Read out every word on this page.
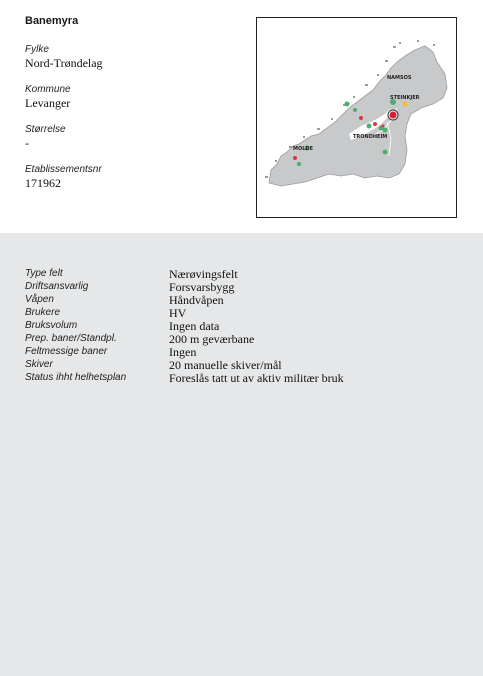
Banemyra
Fylke
Nord-Trøndelag
Kommune
Levanger
Størrelse
-
Etablissementsnr
171962
NAMSOS
STEINKJER
TRONDHEIM
MOLDE
Type felt	Nærøvingsfelt
Driftsansvarlig	Forsvarsbygg
Våpen	Håndvåpen
Brukere	HV
Bruksvolum	Ingen data
Prep. baner/Standpl.	200 m geværbane
Feltmessige baner	Ingen
Skiver	20 manuelle skiver/mål
Status ihht helhetsplan	Foreslås tatt ut av aktiv militær bruk
